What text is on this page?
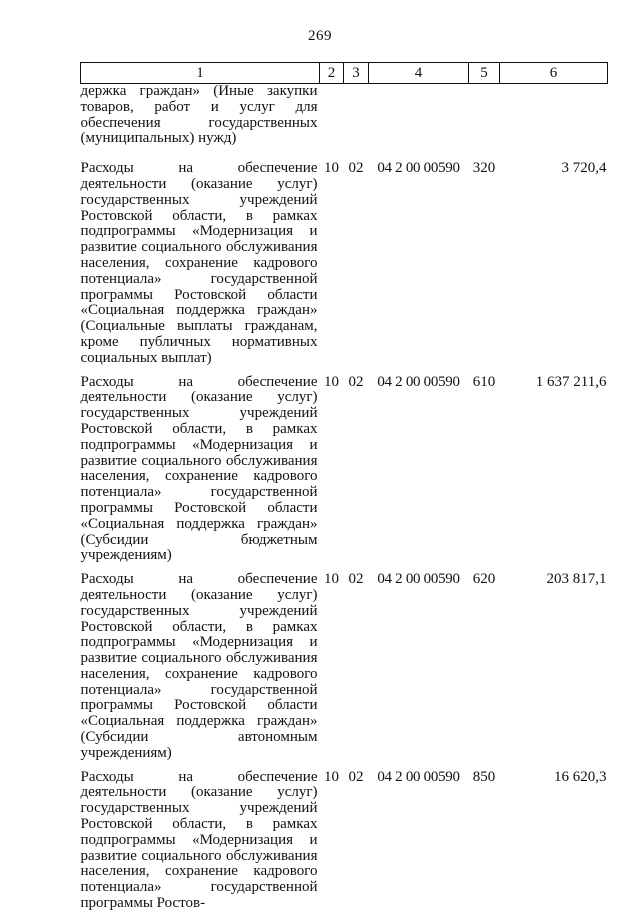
269
1	2	3	4	5	6
держка граждан» (Иные закупки товаров, работ и услуг для обеспечения государственных (муниципальных) нужд)					
Расходы на обеспечение деятельности (оказание услуг) государственных учреждений Ростовской области, в рамках подпрограммы «Модернизация и развитие социального обслуживания населения, сохранение кадрового потенциала» государственной программы Ростовской области «Социальная поддержка граждан» (Социальные выплаты гражданам, кроме публичных нормативных социальных выплат)	10	02	04 2 00 00590	320	3 720,4
Расходы на обеспечение деятельности (оказание услуг) государственных учреждений Ростовской области, в рамках подпрограммы «Модернизация и развитие социального обслуживания населения, сохранение кадрового потенциала» государственной программы Ростовской области «Социальная поддержка граждан» (Субсидии бюджетным учреждениям)	10	02	04 2 00 00590	610	1 637 211,6
Расходы на обеспечение деятельности (оказание услуг) государственных учреждений Ростовской области, в рамках подпрограммы «Модернизация и развитие социального обслуживания населения, сохранение кадрового потенциала» государственной программы Ростовской области «Социальная поддержка граждан» (Субсидии автономным учреждениям)	10	02	04 2 00 00590	620	203 817,1
Расходы на обеспечение деятельности (оказание услуг) государственных учреждений Ростовской области, в рамках подпрограммы «Модернизация и развитие социального обслуживания населения, сохранение кадрового потенциала» государственной программы Ростов-	10	02	04 2 00 00590	850	16 620,3
